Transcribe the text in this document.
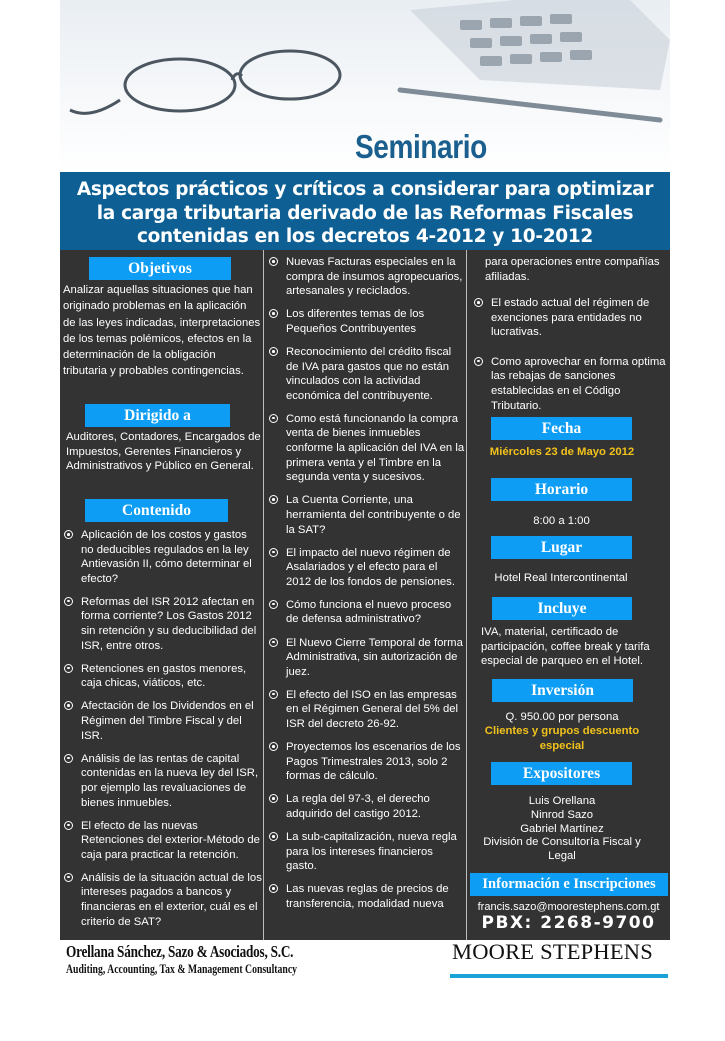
Seminario
Aspectos prácticos y críticos a considerar para optimizar
la carga tributaria derivado de las Reformas Fiscales
contenidas en los decretos 4-2012 y 10-2012
Objetivos
Analizar aquellas situaciones que han originado problemas en la aplicación de las leyes indicadas, interpretaciones de los temas polémicos, efectos en la determinación de la obligación tributaria y probables contingencias.
Dirigido a
Auditores, Contadores, Encargados de Impuestos, Gerentes Financieros y Administrativos y Público en General.
Contenido
Aplicación de los costos y gastos no deducibles regulados en la ley Antievasión II, cómo determinar el efecto?
Reformas del ISR 2012 afectan en forma corriente? Los Gastos 2012 sin retención y su deducibilidad del ISR, entre otros.
Retenciones en gastos menores, caja chicas, viáticos, etc.
Afectación de los Dividendos en el Régimen del Timbre Fiscal y del ISR.
Análisis de las rentas de capital contenidas en la nueva ley del ISR, por ejemplo las revaluaciones de bienes inmuebles.
El efecto de las nuevas Retenciones del exterior-Método de caja para practicar la retención.
Análisis de la situación actual de los intereses pagados a bancos y financieras en el exterior, cuál es el criterio de SAT?
Nuevas Facturas especiales en la compra de insumos agropecuarios, artesanales y reciclados.
Los diferentes temas de los Pequeños Contribuyentes
Reconocimiento del crédito fiscal de IVA para gastos que no están vinculados con la actividad económica del contribuyente.
Como está funcionando la compra venta de bienes inmuebles conforme la aplicación del IVA en la primera venta y el Timbre en la segunda venta y sucesivos.
La Cuenta Corriente, una herramienta del contribuyente o de la SAT?
El impacto del nuevo régimen de Asalariados y el efecto para el 2012 de los fondos de pensiones.
Cómo funciona el nuevo proceso de defensa administrativo?
El Nuevo Cierre Temporal de forma Administrativa, sin autorización de juez.
El efecto del ISO en las empresas en el Régimen General del 5% del ISR del decreto 26-92.
Proyectemos los escenarios de los Pagos Trimestrales 2013, solo 2 formas de cálculo.
La regla del 97-3, el derecho adquirido del castigo 2012.
La sub-capitalización, nueva regla para los intereses financieros gasto.
Las nuevas reglas de precios de transferencia, modalidad nueva
para operaciones entre compañías afiliadas.
El estado actual del régimen de exenciones para entidades no lucrativas.
Como aprovechar en forma optima las rebajas de sanciones establecidas en el Código Tributario.
Fecha
Miércoles 23 de Mayo 2012
Horario
8:00 a 1:00
Lugar
Hotel Real Intercontinental
Incluye
IVA, material, certificado de participación, coffee break y tarifa especial de parqueo en el Hotel.
Inversión
Q. 950.00 por persona
Clientes y grupos descuento especial
Expositores
Luis Orellana
Ninrod Sazo
Gabriel Martínez
División de Consultoría Fiscal y Legal
Información e Inscripciones
francis.sazo@moorestephens.com.gt
PBX: 2268-9700
Orellana Sánchez, Sazo & Asociados, S.C.
Auditing, Accounting, Tax & Management Consultancy
MOORE STEPHENS
